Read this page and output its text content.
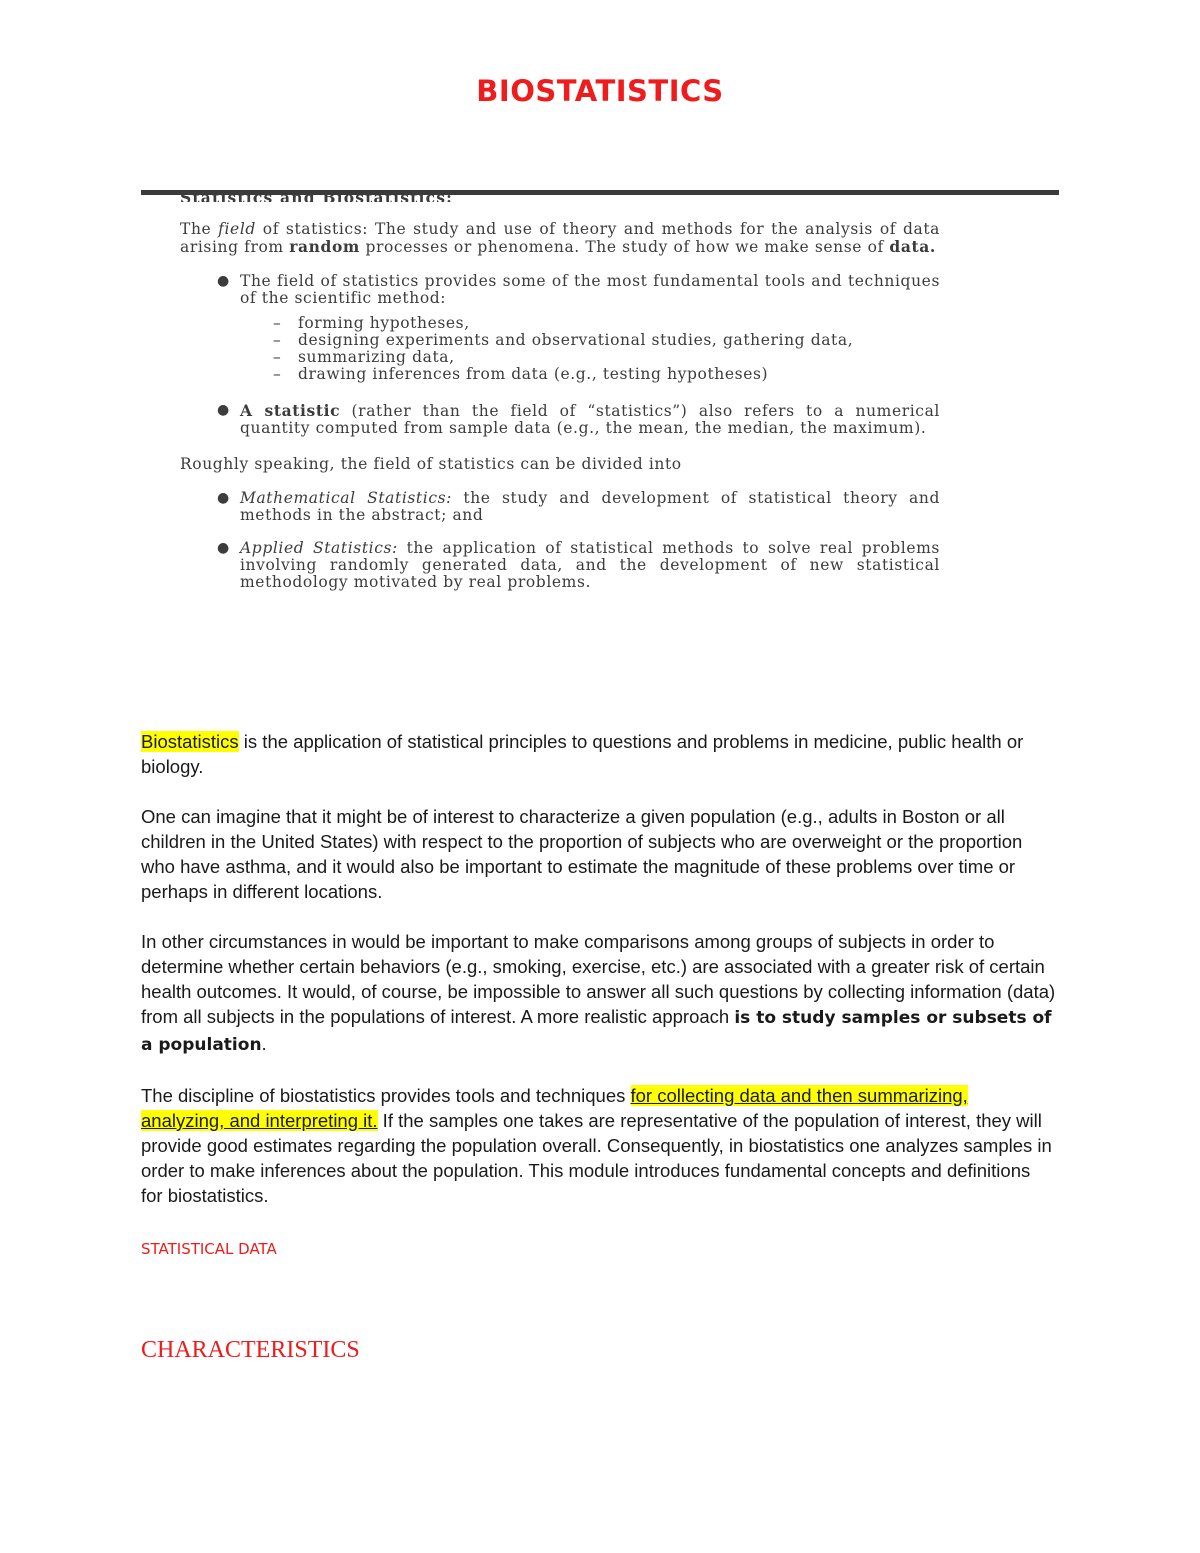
BIOSTATISTICS
Statistics and Biostatistics:

The field of statistics: The study and use of theory and methods for the analysis of data arising from random processes or phenomena. The study of how we make sense of data.

● The field of statistics provides some of the most fundamental tools and techniques of the scientific method:
– forming hypotheses,
– designing experiments and observational studies, gathering data,
– summarizing data,
– drawing inferences from data (e.g., testing hypotheses)
● A statistic (rather than the field of “statistics”) also refers to a numerical quantity computed from sample data (e.g., the mean, the median, the maximum).

Roughly speaking, the field of statistics can be divided into

● Mathematical Statistics: the study and development of statistical theory and methods in the abstract; and
● Applied Statistics: the application of statistical methods to solve real problems involving randomly generated data, and the development of new statistical methodology motivated by real problems.

Biostatistics is the application of statistical principles to questions and problems in medicine, public health or biology.

One can imagine that it might be of interest to characterize a given population (e.g., adults in Boston or all children in the United States) with respect to the proportion of subjects who are overweight or the proportion who have asthma, and it would also be important to estimate the magnitude of these problems over time or perhaps in different locations.

In other circumstances in would be important to make comparisons among groups of subjects in order to determine whether certain behaviors (e.g., smoking, exercise, etc.) are associated with a greater risk of certain health outcomes. It would, of course, be impossible to answer all such questions by collecting information (data) from all subjects in the populations of interest. A more realistic approach is to study samples or subsets of a population.

The discipline of biostatistics provides tools and techniques for collecting data and then summarizing, analyzing, and interpreting it. If the samples one takes are representative of the population of interest, they will provide good estimates regarding the population overall. Consequently, in biostatistics one analyzes samples in order to make inferences about the population. This module introduces fundamental concepts and definitions for biostatistics.

STATISTICAL DATA
CHARACTERISTICS
